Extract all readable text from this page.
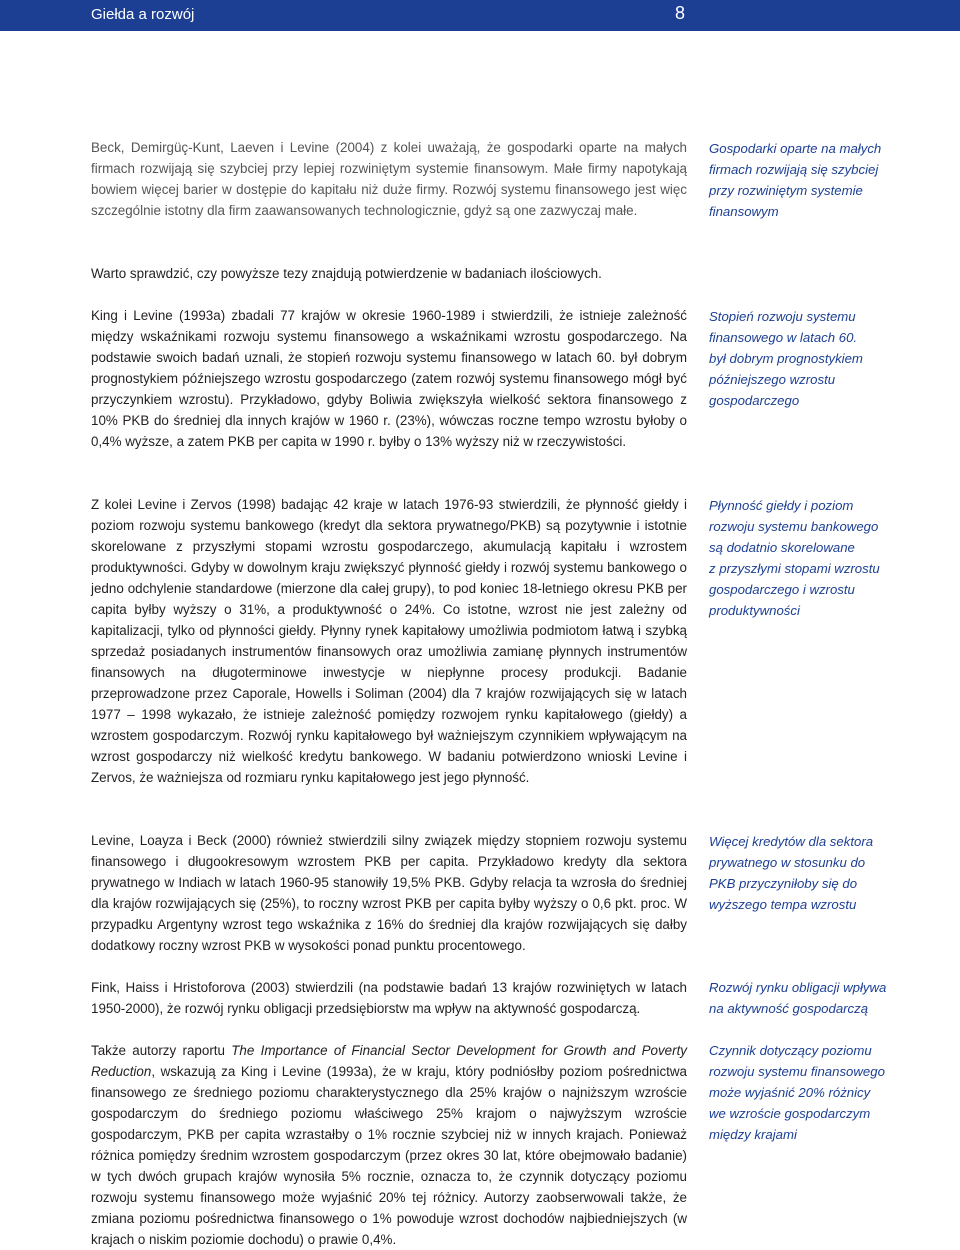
Giełda a rozwój	8

Beck, Demirgüç-Kunt, Laeven i Levine (2004) z kolei uważają, że gospodarki oparte na małych firmach rozwijają się szybciej przy lepiej rozwiniętym systemie finansowym. Małe firmy napotykają bowiem więcej barier w dostępie do kapitału niż duże firmy. Rozwój systemu finansowego jest więc szczególnie istotny dla firm zaawansowanych technologicznie, gdyż są one zazwyczaj małe.

Warto sprawdzić, czy powyższe tezy znajdują potwierdzenie w badaniach ilościowych.

King i Levine (1993a) zbadali 77 krajów w okresie 1960-1989 i stwierdzili, że istnieje zależność między wskaźnikami rozwoju systemu finansowego a wskaźnikami wzrostu gospodarczego. Na podstawie swoich badań uznali, że stopień rozwoju systemu finansowego w latach 60. był dobrym prognostykiem późniejszego wzrostu gospodarczego (zatem rozwój systemu finansowego mógł być przyczynkiem wzrostu). Przykładowo, gdyby Boliwia zwiększyła wielkość sektora finansowego z 10% PKB do średniej dla innych krajów w 1960 r. (23%), wówczas roczne tempo wzrostu byłoby o 0,4% wyższe, a zatem PKB per capita w 1990 r. byłby o 13% wyższy niż w rzeczywistości.

Z kolei Levine i Zervos (1998) badając 42 kraje w latach 1976-93 stwierdzili, że płynność giełdy i poziom rozwoju systemu bankowego (kredyt dla sektora prywatnego/PKB) są pozytywnie i istotnie skorelowane z przyszłymi stopami wzrostu gospodarczego, akumulacją kapitału i wzrostem produktywności. Gdyby w dowolnym kraju zwiększyć płynność giełdy i rozwój systemu bankowego o jedno odchylenie standardowe (mierzone dla całej grupy), to pod koniec 18-letniego okresu PKB per capita byłby wyższy o 31%, a produktywność o 24%. Co istotne, wzrost nie jest zależny od kapitalizacji, tylko od płynności giełdy. Płynny rynek kapitałowy umożliwia podmiotom łatwą i szybką sprzedaż posiadanych instrumentów finansowych oraz umożliwia zamianę płynnych instrumentów finansowych na długoterminowe inwestycje w niepłynne procesy produkcji. Badanie przeprowadzone przez Caporale, Howells i Soliman (2004) dla 7 krajów rozwijających się w latach 1977 – 1998 wykazało, że istnieje zależność pomiędzy rozwojem rynku kapitałowego (giełdy) a wzrostem gospodarczym. Rozwój rynku kapitałowego był ważniejszym czynnikiem wpływającym na wzrost gospodarczy niż wielkość kredytu bankowego. W badaniu potwierdzono wnioski Levine i Zervos, że ważniejsza od rozmiaru rynku kapitałowego jest jego płynność.

Levine, Loayza i Beck (2000) również stwierdzili silny związek między stopniem rozwoju systemu finansowego i długookresowym wzrostem PKB per capita. Przykładowo kredyty dla sektora prywatnego w Indiach w latach 1960-95 stanowiły 19,5% PKB. Gdyby relacja ta wzrosła do średniej dla krajów rozwijających się (25%), to roczny wzrost PKB per capita byłby wyższy o 0,6 pkt. proc. W przypadku Argentyny wzrost tego wskaźnika z 16% do średniej dla krajów rozwijających się dałby dodatkowy roczny wzrost PKB w wysokości ponad punktu procentowego.

Fink, Haiss i Hristoforova (2003) stwierdzili (na podstawie badań 13 krajów rozwiniętych w latach 1950-2000), że rozwój rynku obligacji przedsiębiorstw ma wpływ na aktywność gospodarczą.

Także autorzy raportu The Importance of Financial Sector Development for Growth and Poverty Reduction, wskazują za King i Levine (1993a), że w kraju, który podniósłby poziom pośrednictwa finansowego ze średniego poziomu charakterystycznego dla 25% krajów o najniższym wzroście gospodarczym do średniego poziomu właściwego 25% krajom o najwyższym wzroście gospodarczym, PKB per capita wzrastałby o 1% rocznie szybciej niż w innych krajach. Ponieważ różnica pomiędzy średnim wzrostem gospodarczym (przez okres 30 lat, które obejmowało badanie) w tych dwóch grupach krajów wynosiła 5% rocznie, oznacza to, że czynnik dotyczący poziomu rozwoju systemu finansowego może wyjaśnić 20% tej różnicy. Autorzy zaobserwowali także, że zmiana poziomu pośrednictwa finansowego o 1% powoduje wzrost dochodów najbiedniejszych (w krajach o niskim poziomie dochodu) o prawie 0,4%.

Gospodarki oparte na małych
firmach rozwijają się szybciej
przy rozwiniętym systemie
finansowym

Stopień rozwoju systemu
finansowego w latach 60.
był dobrym prognostykiem
późniejszego wzrostu
gospodarczego

Płynność giełdy i poziom
rozwoju systemu bankowego
są dodatnio skorelowane
z przyszłymi stopami wzrostu
gospodarczego i wzrostu
produktywności

Więcej kredytów dla sektora
prywatnego w stosunku do
PKB przyczyniłoby się do
wyższego tempa wzrostu

Rozwój rynku obligacji wpływa
na aktywność gospodarczą

Czynnik dotyczący poziomu
rozwoju systemu finansowego
może wyjaśnić 20% różnicy
we wzroście gospodarczym
między krajami
